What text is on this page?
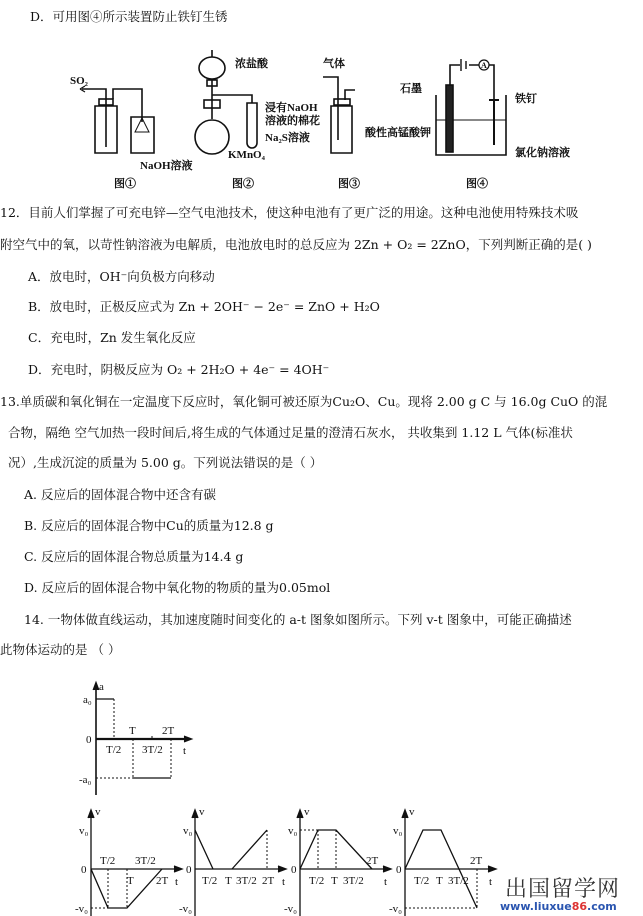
D．可用图④所示装置防止铁钉生锈
SO₂
NaOH溶液
浓盐酸
浸有NaOH
溶液的棉花
Na₂S溶液
KMnO₄
气体
酸性高锰酸钾
石墨
铁钉
氯化钠溶液
A
图①	图②	图③	图④
12．目前人们掌握了可充电锌—空气电池技术，使这种电池有了更广泛的用途。这种电池使用特殊技术吸
附空气中的氧，以苛性钠溶液为电解质，电池放电时的总反应为 2Zn + O₂ = 2ZnO，下列判断正确的是( )
A．放电时，OH⁻向负极方向移动
B．放电时，正极反应式为 Zn + 2OH⁻ − 2e⁻ = ZnO + H₂O
C．充电时，Zn 发生氧化反应
D．充电时，阴极反应为 O₂ + 2H₂O + 4e⁻ = 4OH⁻
13.单质碳和氧化铜在一定温度下反应时，氧化铜可被还原为Cu₂O、Cu。现将 2.00 g C 与 16.0g CuO 的混
合物，隔绝 空气加热一段时间后,将生成的气体通过足量的澄清石灰水， 共收集到 1.12 L 气体(标准状
况）,生成沉淀的质量为 5.00 g。下列说法错误的是（ ）
A. 反应后的固体混合物中还含有碳
B. 反应后的固体混合物中Cu的质量为12.8 g
C. 反应后的固体混合物总质量为14.4 g
D. 反应后的固体混合物中氧化物的物质的量为0.05mol
14. 一物体做直线运动，其加速度随时间变化的 a-t 图象如图所示。下列 v-t 图象中，可能正确描述
此物体运动的是 （ ）
a
a₀
0
-a₀
T 2T
T/2 3T/2 t
v
v₀
0
-v₀
T/2 3T/2
T 2T t
v
v₀
0
-v₀
T/2 T 3T/2 2T t
v
v₀
0
-v₀
2T
T/2 T 3T/2 t
v
v₀
0
-v₀
2T
T/2 T 3T/2 t 出国留学网
www.liuxue86.com
